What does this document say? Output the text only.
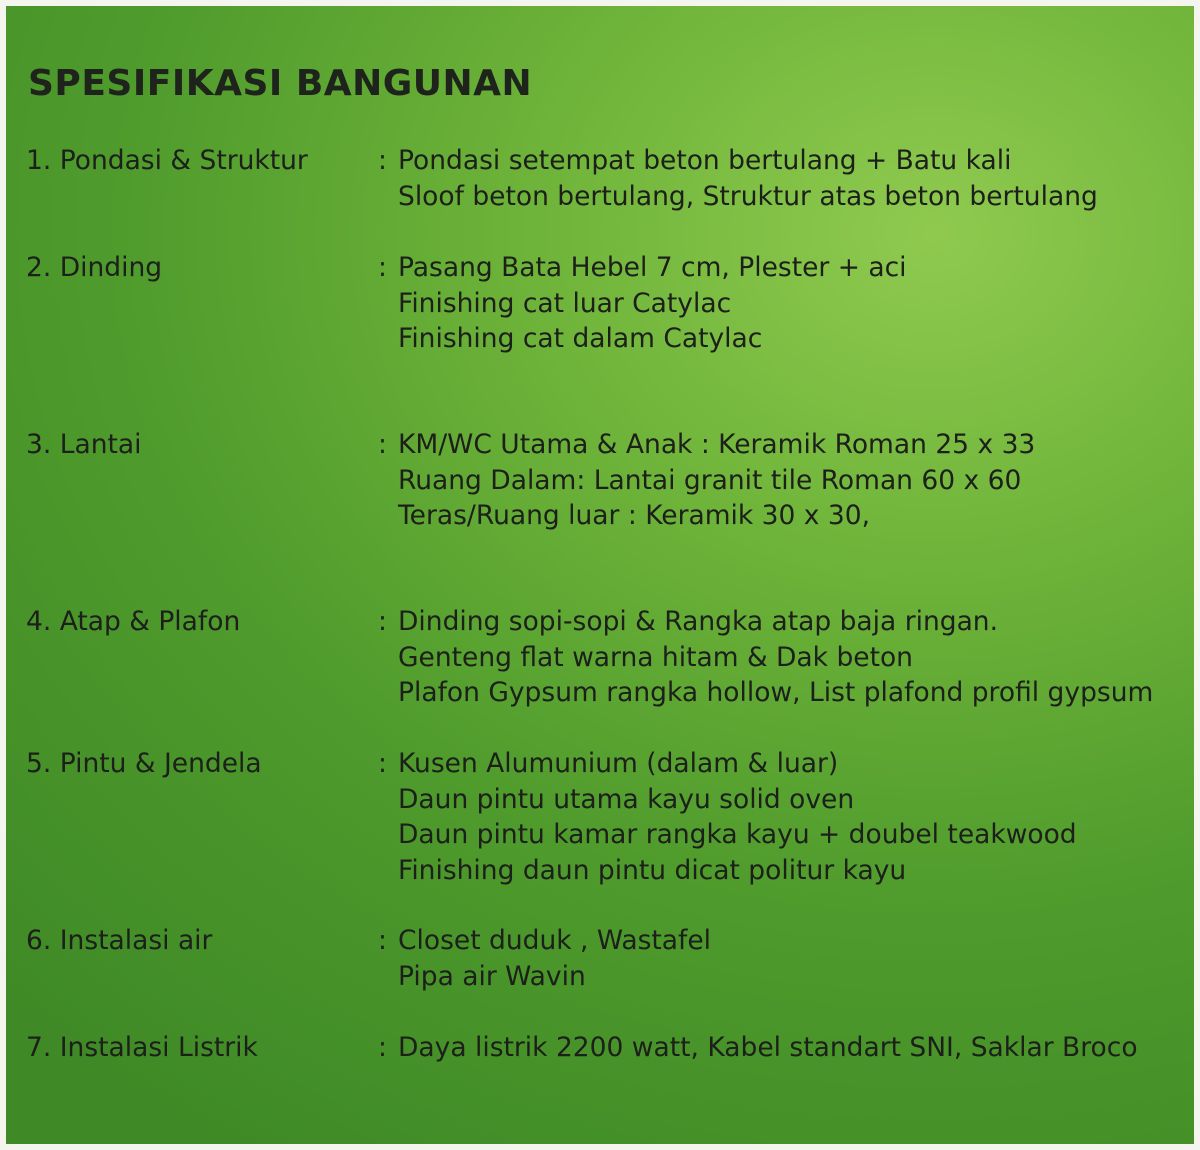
SPESIFIKASI BANGUNAN
1. Pondasi & Struktur	: Pondasi setempat beton bertulang + Batu kali
Sloof beton bertulang, Struktur atas beton bertulang
2. Dinding	: Pasang Bata Hebel 7 cm, Plester + aci
Finishing cat luar Catylac
Finishing cat dalam Catylac
3. Lantai	: KM/WC Utama & Anak : Keramik Roman 25 x 33
Ruang Dalam: Lantai granit tile Roman 60 x 60
Teras/Ruang luar : Keramik 30 x 30,
4. Atap & Plafon	: Dinding sopi-sopi & Rangka atap baja ringan.
Genteng flat warna hitam & Dak beton
Plafon Gypsum rangka hollow, List plafond profil gypsum
5. Pintu & Jendela	: Kusen Alumunium (dalam & luar)
Daun pintu utama kayu solid oven
Daun pintu kamar rangka kayu + doubel teakwood
Finishing daun pintu dicat politur kayu
6. Instalasi air	: Closet duduk , Wastafel
Pipa air Wavin
7. Instalasi Listrik	: Daya listrik 2200 watt, Kabel standart SNI, Saklar Broco
